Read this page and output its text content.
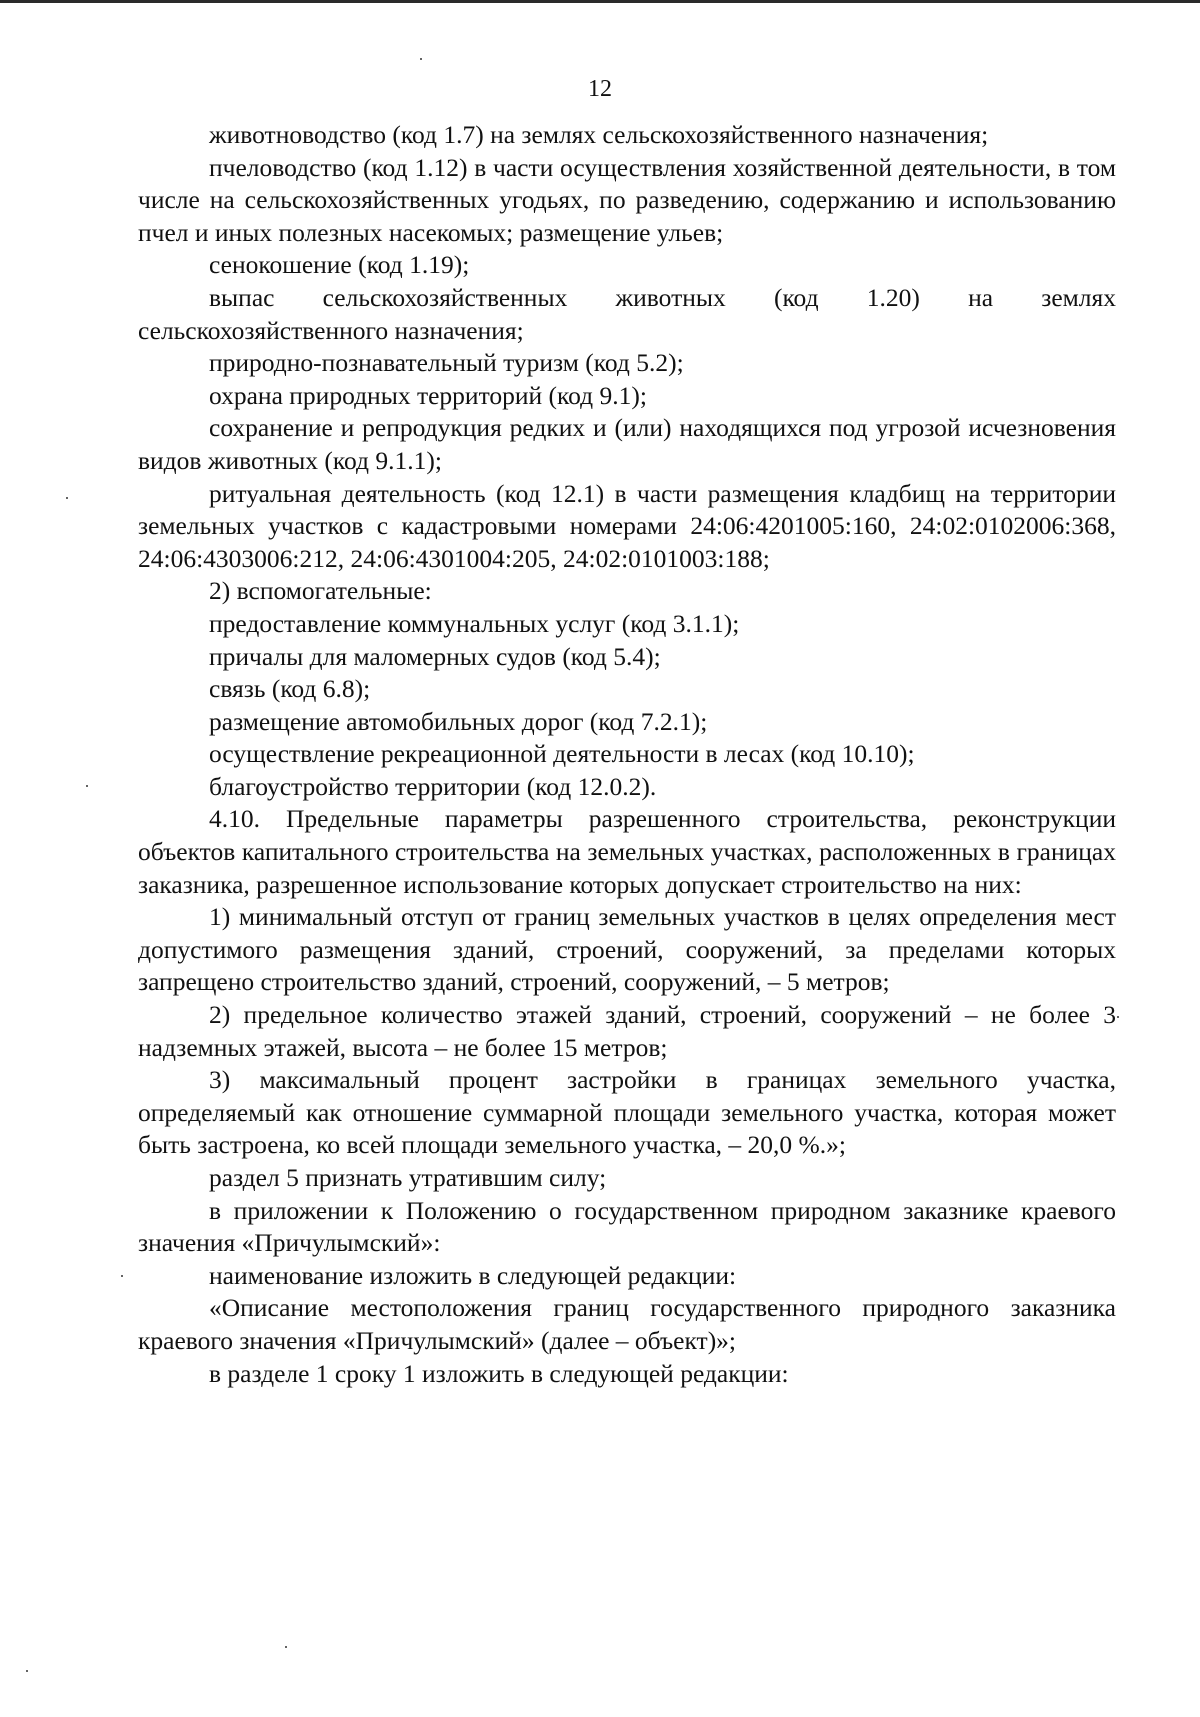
12

животноводство (код 1.7) на землях сельскохозяйственного назначения;

пчеловодство (код 1.12) в части осуществления хозяйственной деятельности, в том числе на сельскохозяйственных угодьях, по разведению, содержанию и использованию пчел и иных полезных насекомых; размещение ульев;

сенокошение (код 1.19);

выпас сельскохозяйственных животных (код 1.20) на землях сельскохозяйственного назначения;

природно-познавательный туризм (код 5.2);

охрана природных территорий (код 9.1);

сохранение и репродукция редких и (или) находящихся под угрозой исчезновения видов животных (код 9.1.1);

ритуальная деятельность (код 12.1) в части размещения кладбищ на территории земельных участков с кадастровыми номерами 24:06:4201005:160, 24:02:0102006:368, 24:06:4303006:212, 24:06:4301004:205, 24:02:0101003:188;

2) вспомогательные:

предоставление коммунальных услуг (код 3.1.1);

причалы для маломерных судов (код 5.4);

связь (код 6.8);

размещение автомобильных дорог (код 7.2.1);

осуществление рекреационной деятельности в лесах (код 10.10);

благоустройство территории (код 12.0.2).

4.10. Предельные параметры разрешенного строительства, реконструкции объектов капитального строительства на земельных участках, расположенных в границах заказника, разрешенное использование которых допускает строительство на них:

1) минимальный отступ от границ земельных участков в целях определения мест допустимого размещения зданий, строений, сооружений, за пределами которых запрещено строительство зданий, строений, сооружений, – 5 метров;

2) предельное количество этажей зданий, строений, сооружений – не более 3 надземных этажей, высота – не более 15 метров;

3) максимальный процент застройки в границах земельного участка, определяемый как отношение суммарной площади земельного участка, которая может быть застроена, ко всей площади земельного участка, – 20,0 %.»;

раздел 5 признать утратившим силу;

в приложении к Положению о государственном природном заказнике краевого значения «Причулымский»:

наименование изложить в следующей редакции:

«Описание местоположения границ государственного природного заказника краевого значения «Причулымский» (далее – объект)»;

в разделе 1 сроку 1 изложить в следующей редакции:
